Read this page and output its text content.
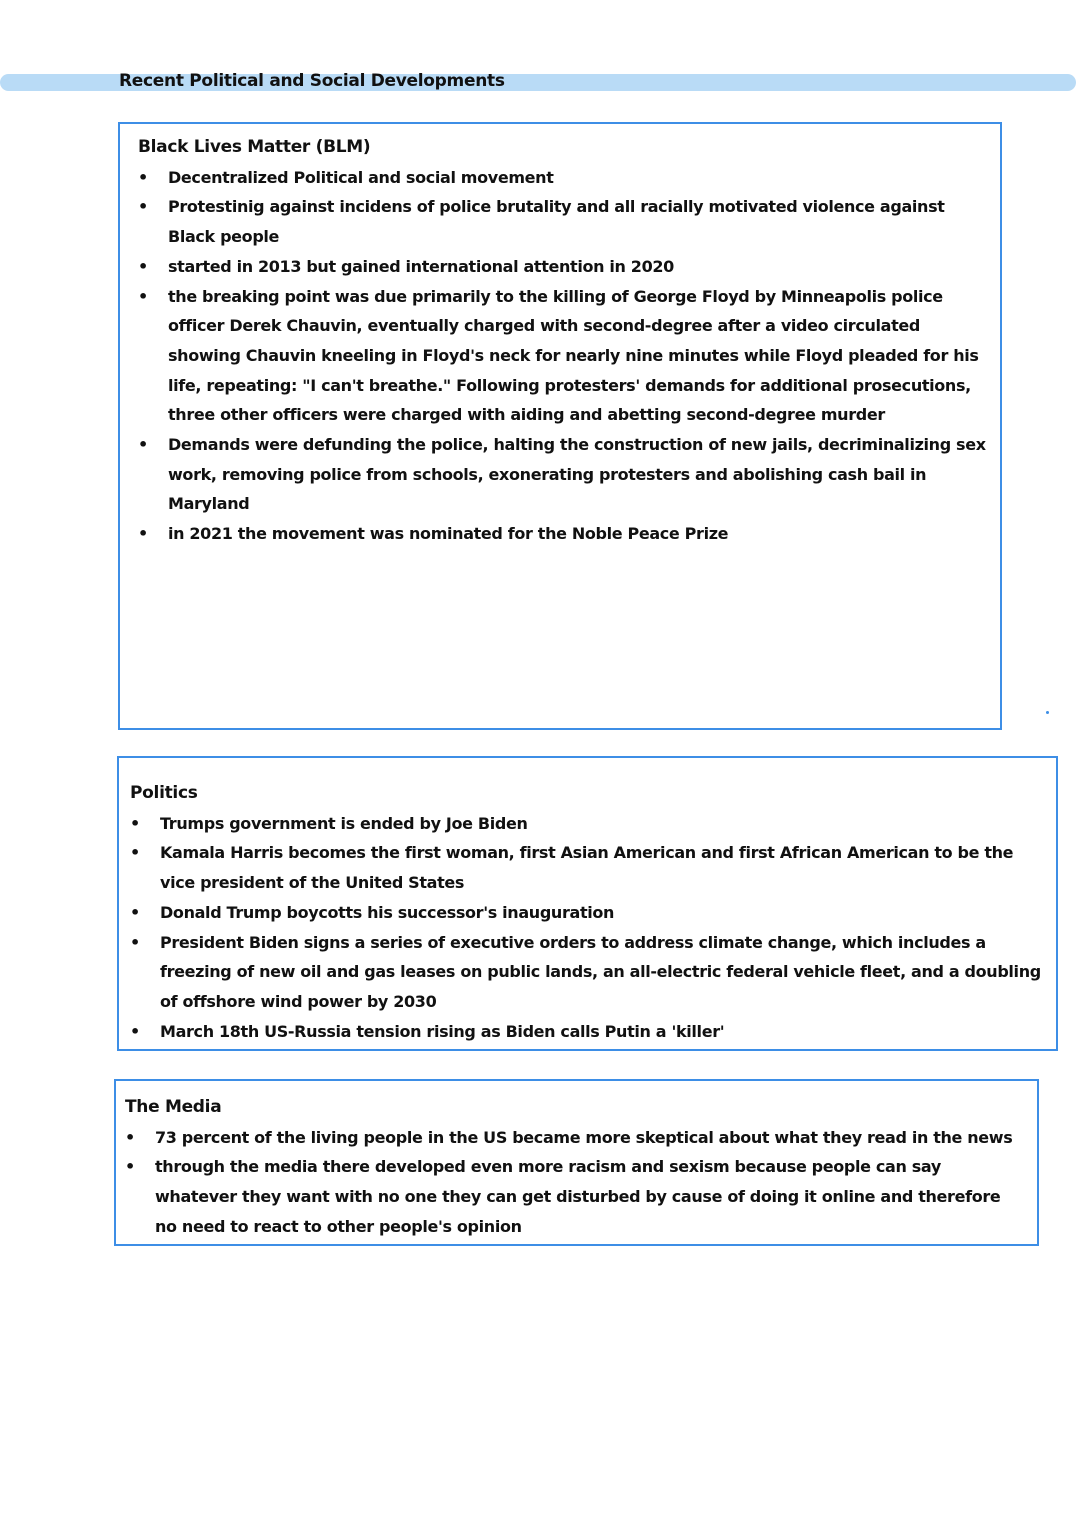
Recent Political and Social Developments
Black Lives Matter (BLM)
• Decentralized Political and social movement
• Protestinig against incidens of police brutality and all racially motivated violence against Black people
• started in 2013 but gained international attention in 2020
• the breaking point was due primarily to the killing of George Floyd by Minneapolis police officer Derek Chauvin, eventually charged with second-degree after a video circulated showing Chauvin kneeling in Floyd's neck for nearly nine minutes while Floyd pleaded for his life, repeating: "I can't breathe." Following protesters' demands for additional prosecutions, three other officers were charged with aiding and abetting second-degree murder
• Demands were defunding the police, halting the construction of new jails, decriminalizing sex work, removing police from schools, exonerating protesters and abolishing cash bail in Maryland
• in 2021 the movement was nominated for the Noble Peace Prize
Politics
• Trumps government is ended by Joe Biden
• Kamala Harris becomes the first woman, first Asian American and first African American to be the vice president of the United States
• Donald Trump boycotts his successor's inauguration
• President Biden signs a series of executive orders to address climate change, which includes a freezing of new oil and gas leases on public lands, an all-electric federal vehicle fleet, and a doubling of offshore wind power by 2030
• March 18th US-Russia tension rising as Biden calls Putin a 'killer'
The Media
• 73 percent of the living people in the US became more skeptical about what they read in the news
• through the media there developed even more racism and sexism because people can say whatever they want with no one they can get disturbed by cause of doing it online and therefore no need to react to other people's opinion
